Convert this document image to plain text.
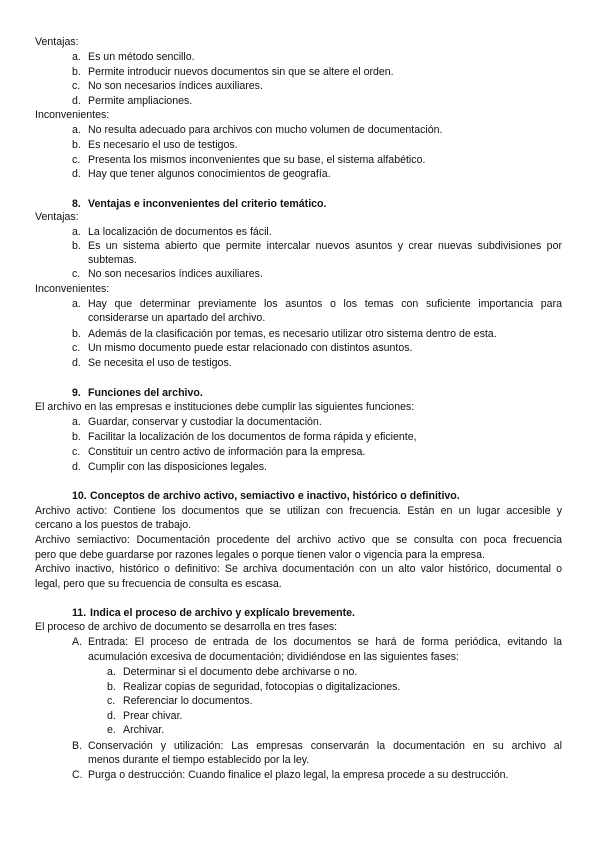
Ventajas:
a. Es un método sencillo.
b. Permite introducir nuevos documentos sin que se altere el orden.
c. No son necesarios índices auxiliares.
d. Permite ampliaciones.
Inconvenientes:
a. No resulta adecuado para archivos con mucho volumen de documentación.
b. Es necesario el uso de testigos.
c. Presenta los mismos inconvenientes que su base, el sistema alfabético.
d. Hay que tener algunos conocimientos de geografía.
8. Ventajas e inconvenientes del criterio temático.
Ventajas:
a. La localización de documentos es fácil.
b. Es un sistema abierto que permite intercalar nuevos asuntos y crear nuevas subdivisiones por
subtemas.
c. No son necesarios índices auxiliares.
Inconvenientes:
a. Hay que determinar previamente los asuntos o los temas con suficiente importancia para
considerarse un apartado del archivo.
b. Además de la clasificación por temas, es necesario utilizar otro sistema dentro de esta.
c. Un mismo documento puede estar relacionado con distintos asuntos.
d. Se necesita el uso de testigos.
9. Funciones del archivo.
El archivo en las empresas e instituciones debe cumplir las siguientes funciones:
a. Guardar, conservar y custodiar la documentación.
b. Facilitar la localización de los documentos de forma rápida y eficiente,
c. Constituir un centro activo de información para la empresa.
d. Cumplir con las disposiciones legales.
10. Conceptos de archivo activo, semiactivo e inactivo, histórico o definitivo.
Archivo activo: Contiene los documentos que se utilizan con frecuencia. Están en un lugar accesible y
cercano a los puestos de trabajo.
Archivo semiactivo: Documentación procedente del archivo activo que se consulta con poca frecuencia
pero que debe guardarse por razones legales o porque tienen valor o vigencia para la empresa.
Archivo inactivo, histórico o definitivo: Se archiva documentación con un alto valor histórico, documental o
legal, pero que su frecuencia de consulta es escasa.
11. Indica el proceso de archivo y explícalo brevemente.
El proceso de archivo de documento se desarrolla en tres fases:
A. Entrada: El proceso de entrada de los documentos se hará de forma periódica, evitando la
acumulación excesiva de documentación; dividiéndose en las siguientes fases:
a. Determinar si el documento debe archivarse o no.
b. Realizar copias de seguridad, fotocopias o digitalizaciones.
c. Referenciar lo documentos.
d. Prear chivar.
e. Archivar.
B. Conservación y utilización: Las empresas conservarán la documentación en su archivo al
menos durante el tiempo establecido por la ley.
C. Purga o destrucción: Cuando finalice el plazo legal, la empresa procede a su destrucción.
